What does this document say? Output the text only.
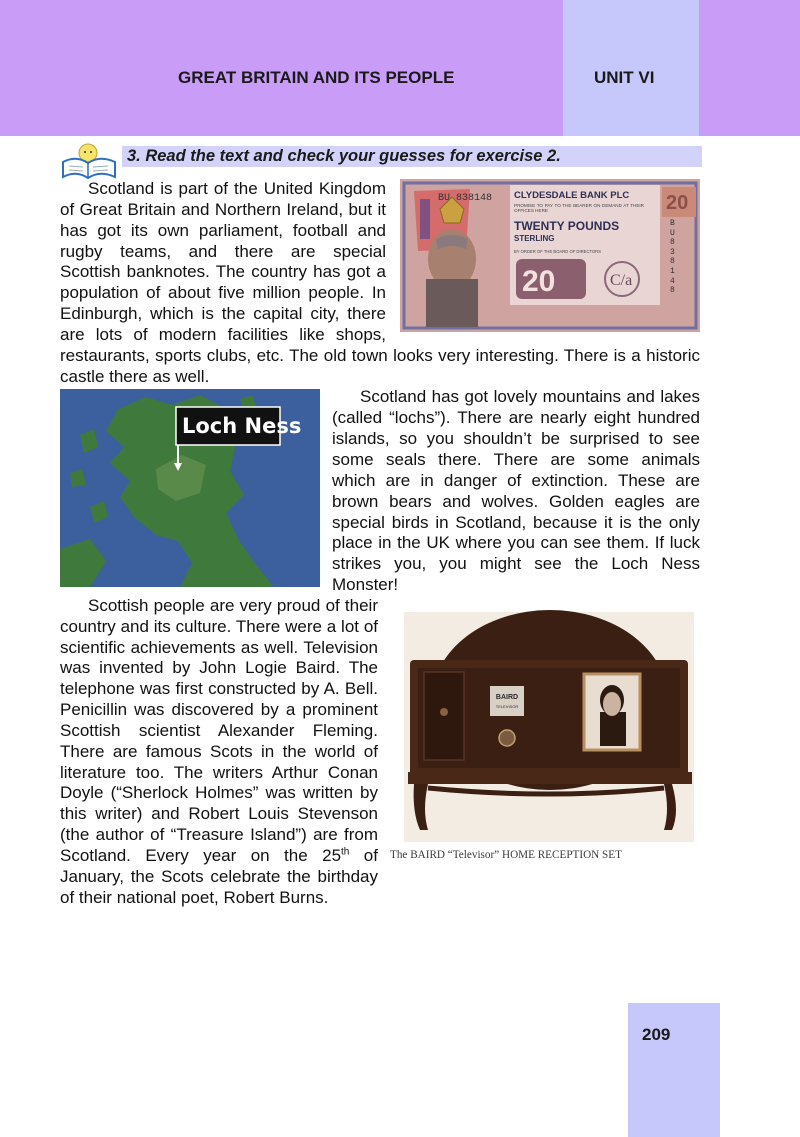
GREAT BRITAIN AND ITS PEOPLE	UNIT VI
3. Read the text and check your guesses for exercise 2.
BU 838148 CLYDESDALE BANK PLC
PROMISE TO PAY TO THE BEARER ON DEMAND AT THEIR OFFICES HERE
TWENTY POUNDS
STERLING
BY ORDER OF THE BOARD OF DIRECTORS
20	C/a
B U 8 3 8 1 4 8
20

Scotland is part of the United Kingdom of Great Britain and Northern Ireland, but it has got its own parliament, football and rugby teams, and there are special Scottish banknotes. The country has got a population of about five million people. In Edinburgh, which is the capital city, there are lots of modern facilities like shops, restaurants, sports clubs, etc. The old town looks very interesting. There is a historic castle there as well.

Loch Ness

Scotland has got lovely mountains and lakes (called “lochs”). There are nearly eight hundred islands, so you shouldn’t be surprised to see some seals there. There are some animals which are in danger of extinction. These are brown bears and wolves. Golden eagles are special birds in Scotland, because it is the only place in the UK where you can see them. If luck strikes you, you might see the Loch Ness Monster!

BAIRD
TELEVISOR
The BAIRD “Televisor” HOME RECEPTION SET

Scottish people are very proud of their country and its culture. There were a lot of scientific achievements as well. Television was invented by John Logie Baird. The telephone was first constructed by A. Bell. Penicillin was discovered by a prominent Scottish scientist Alexander Fleming. There are famous Scots in the world of literature too. The writers Arthur Conan Doyle (“Sherlock Holmes” was written by this writer) and Robert Louis Stevenson (the author of “Treasure Island”) are from Scotland. Every year on the 25th of January, the Scots celebrate the birthday of their national poet, Robert Burns.

209
